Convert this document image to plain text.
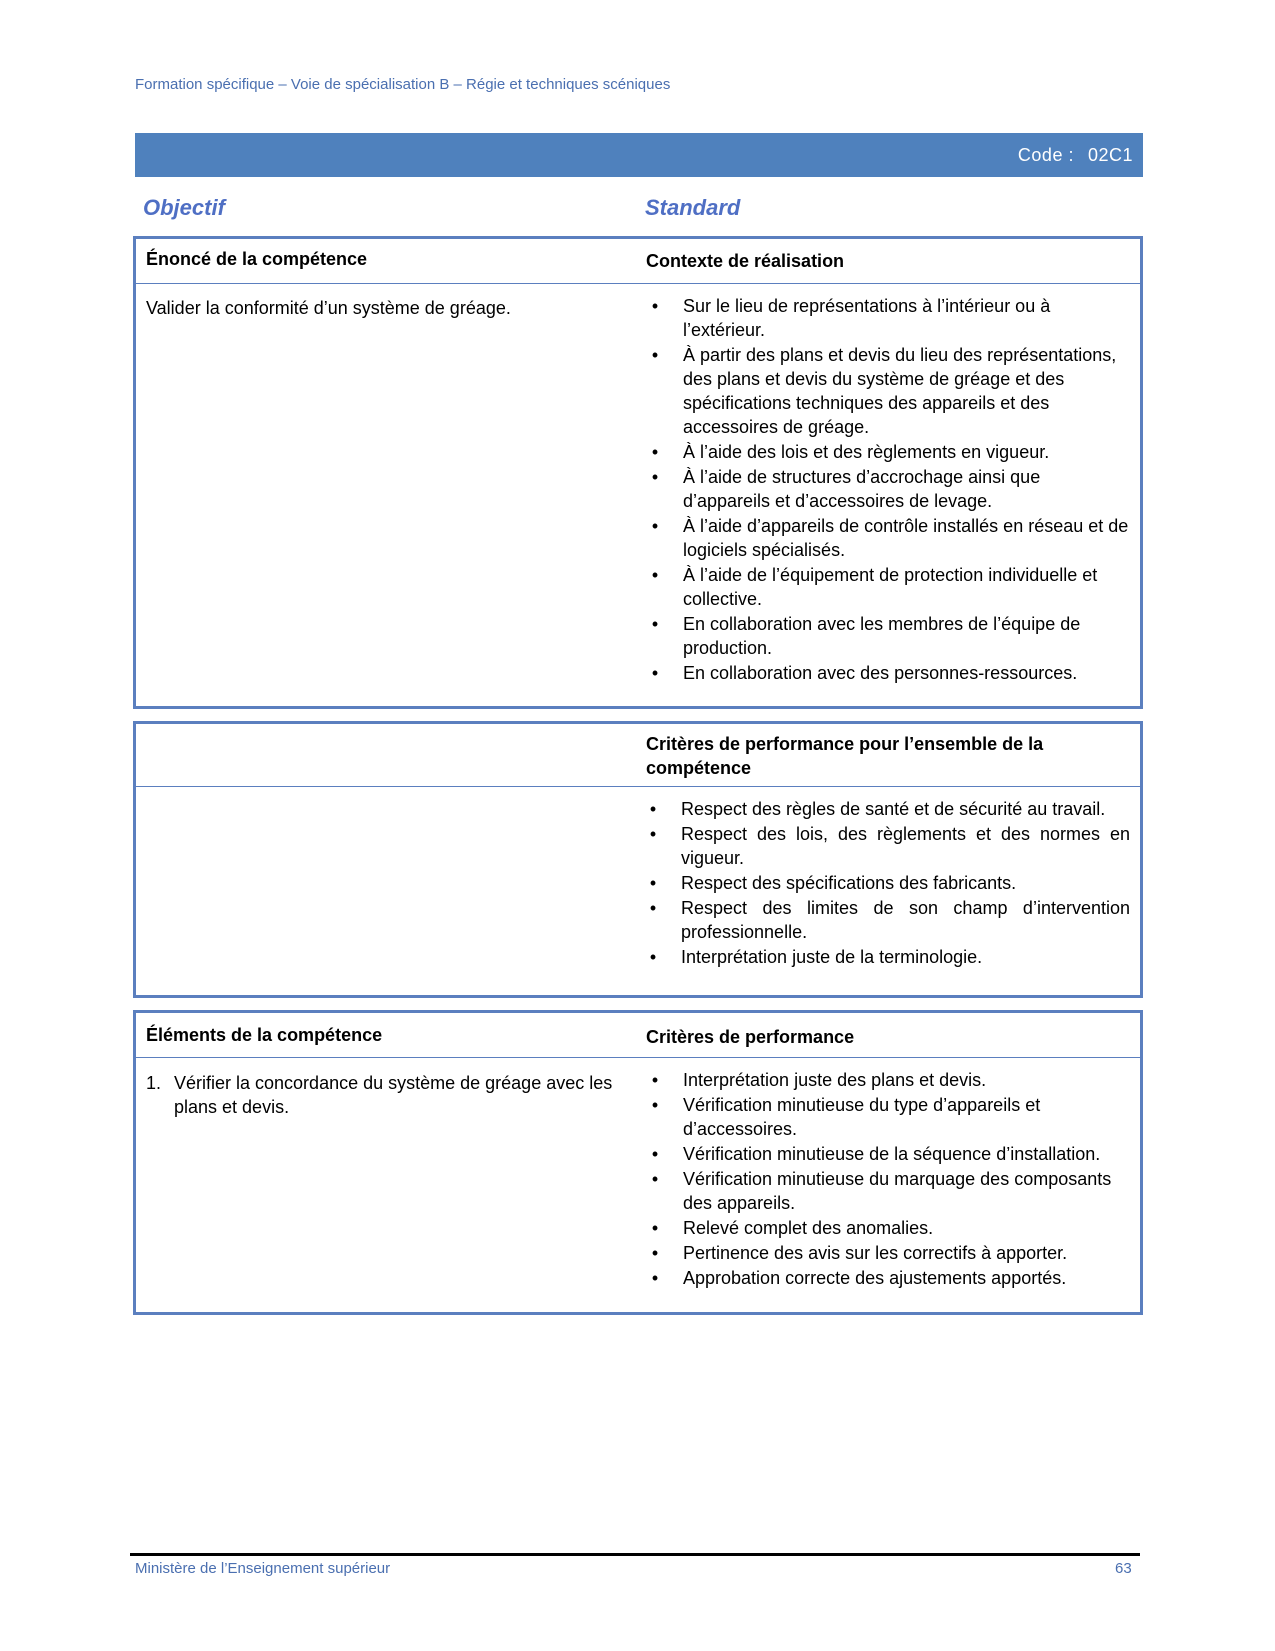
Formation spécifique – Voie de spécialisation B – Régie et techniques scéniques
Code : 02C1
Objectif	Standard
Énoncé de la compétence	Contexte de réalisation
Valider la conformité d’un système de gréage.	• Sur le lieu de représentations à l’intérieur ou à l’extérieur.
• À partir des plans et devis du lieu des représentations, des plans et devis du système de gréage et des spécifications techniques des appareils et des accessoires de gréage.
• À l’aide des lois et des règlements en vigueur.
• À l’aide de structures d’accrochage ainsi que d’appareils et d’accessoires de levage.
• À l’aide d’appareils de contrôle installés en réseau et de logiciels spécialisés.
• À l’aide de l’équipement de protection individuelle et collective.
• En collaboration avec les membres de l’équipe de production.
• En collaboration avec des personnes-ressources.
Critères de performance pour l’ensemble de la compétence
• Respect des règles de santé et de sécurité au travail.
• Respect des lois, des règlements et des normes en vigueur.
• Respect des spécifications des fabricants.
• Respect des limites de son champ d’intervention professionnelle.
• Interprétation juste de la terminologie.
Éléments de la compétence	Critères de performance
1. Vérifier la concordance du système de gréage avec les plans et devis.
• Interprétation juste des plans et devis.
• Vérification minutieuse du type d’appareils et d’accessoires.
• Vérification minutieuse de la séquence d’installation.
• Vérification minutieuse du marquage des composants des appareils.
• Relevé complet des anomalies.
• Pertinence des avis sur les correctifs à apporter.
• Approbation correcte des ajustements apportés.
Ministère de l’Enseignement supérieur	63
